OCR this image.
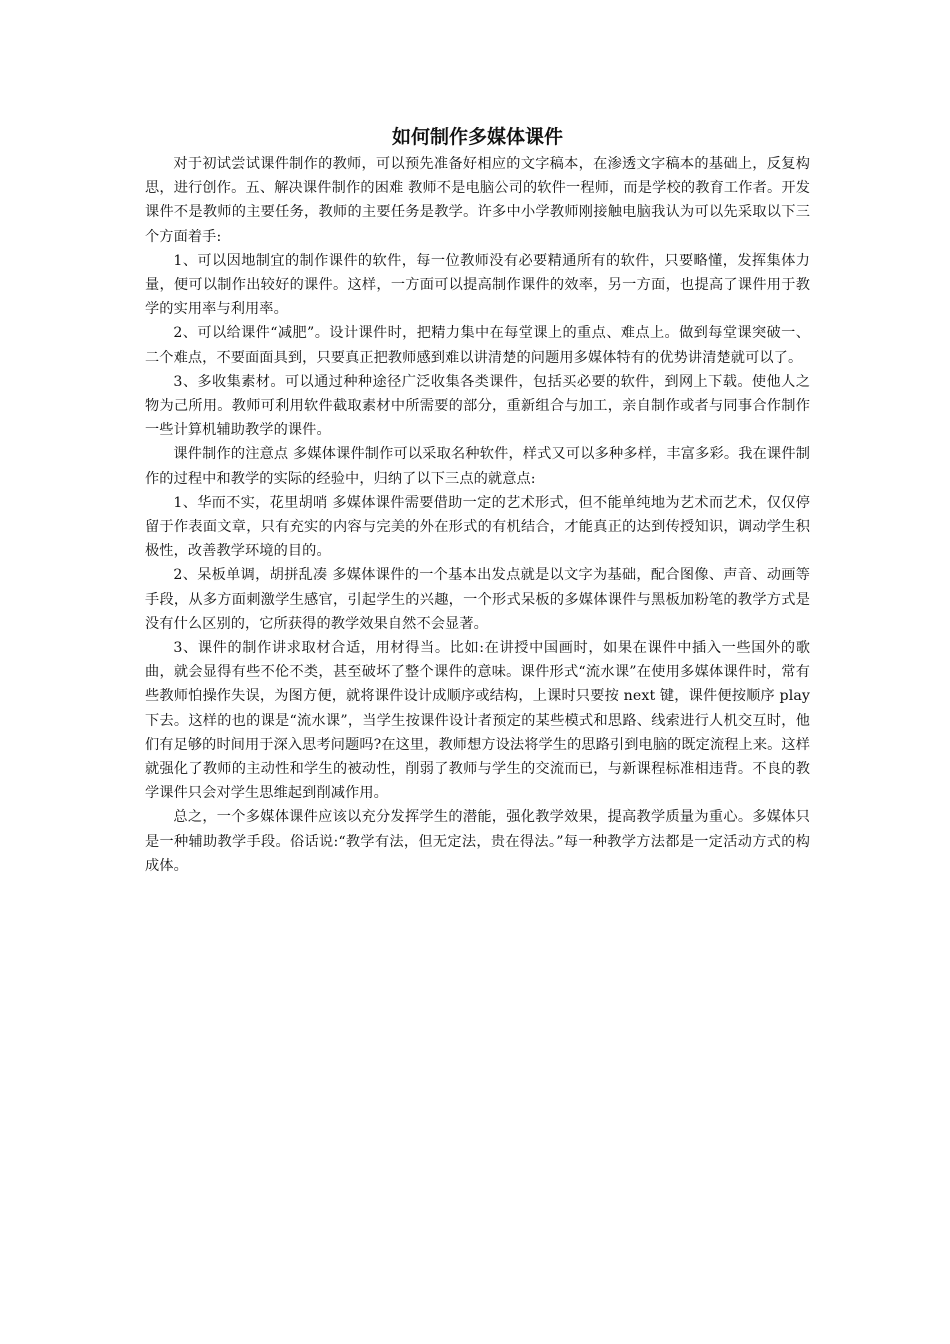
如何制作多媒体课件

对于初试尝试课件制作的教师，可以预先准备好相应的文字稿本，在渗透文字稿本的基础上，反复构思，进行创作。五、解决课件制作的困难 教师不是电脑公司的软件一程师，而是学校的教育工作者。开发课件不是教师的主要任务，教师的主要任务是教学。许多中小学教师刚接触电脑我认为可以先采取以下三个方面着手:

1、可以因地制宜的制作课件的软件，每一位教师没有必要精通所有的软件，只要略懂，发挥集体力量，便可以制作出较好的课件。这样，一方面可以提高制作课件的效率，另一方面，也提高了课件用于教学的实用率与利用率。

2、可以给课件“减肥”。设计课件时，把精力集中在每堂课上的重点、难点上。做到每堂课突破一、二个难点，不要面面具到，只要真正把教师感到难以讲清楚的问题用多媒体特有的优势讲清楚就可以了。

3、多收集素材。可以通过种种途径广泛收集各类课件，包括买必要的软件，到网上下载。使他人之物为己所用。教师可利用软件截取素材中所需要的部分，重新组合与加工，亲自制作或者与同事合作制作一些计算机辅助教学的课件。

课件制作的注意点 多媒体课件制作可以采取名种软件，样式又可以多种多样，丰富多彩。我在课件制作的过程中和教学的实际的经验中，归纳了以下三点的就意点:

1、华而不实，花里胡哨 多媒体课件需要借助一定的艺术形式，但不能单纯地为艺术而艺术，仅仅停留于作表面文章，只有充实的内容与完美的外在形式的有机结合，才能真正的达到传授知识，调动学生积极性，改善教学环境的目的。

2、呆板单调，胡拼乱凑 多媒体课件的一个基本出发点就是以文字为基础，配合图像、声音、动画等手段，从多方面刺激学生感官，引起学生的兴趣，一个形式呆板的多媒体课件与黑板加粉笔的教学方式是没有什么区别的，它所获得的教学效果自然不会显著。

3、课件的制作讲求取材合适，用材得当。比如:在讲授中国画时，如果在课件中插入一些国外的歌曲，就会显得有些不伦不类，甚至破坏了整个课件的意味。课件形式“流水课”在使用多媒体课件时，常有些教师怕操作失误，为图方便，就将课件设计成顺序或结构，上课时只要按 next 键，课件便按顺序 play 下去。这样的也的课是“流水课”，当学生按课件设计者预定的某些模式和思路、线索进行人机交互时，他们有足够的时间用于深入思考问题吗?在这里，教师想方设法将学生的思路引到电脑的既定流程上来。这样就强化了教师的主动性和学生的被动性，削弱了教师与学生的交流而已，与新课程标准相违背。不良的教学课件只会对学生思维起到削减作用。

总之，一个多媒体课件应该以充分发挥学生的潜能，强化教学效果，提高教学质量为重心。多媒体只是一种辅助教学手段。俗话说:“教学有法，但无定法，贵在得法。”每一种教学方法都是一定活动方式的构成体。
